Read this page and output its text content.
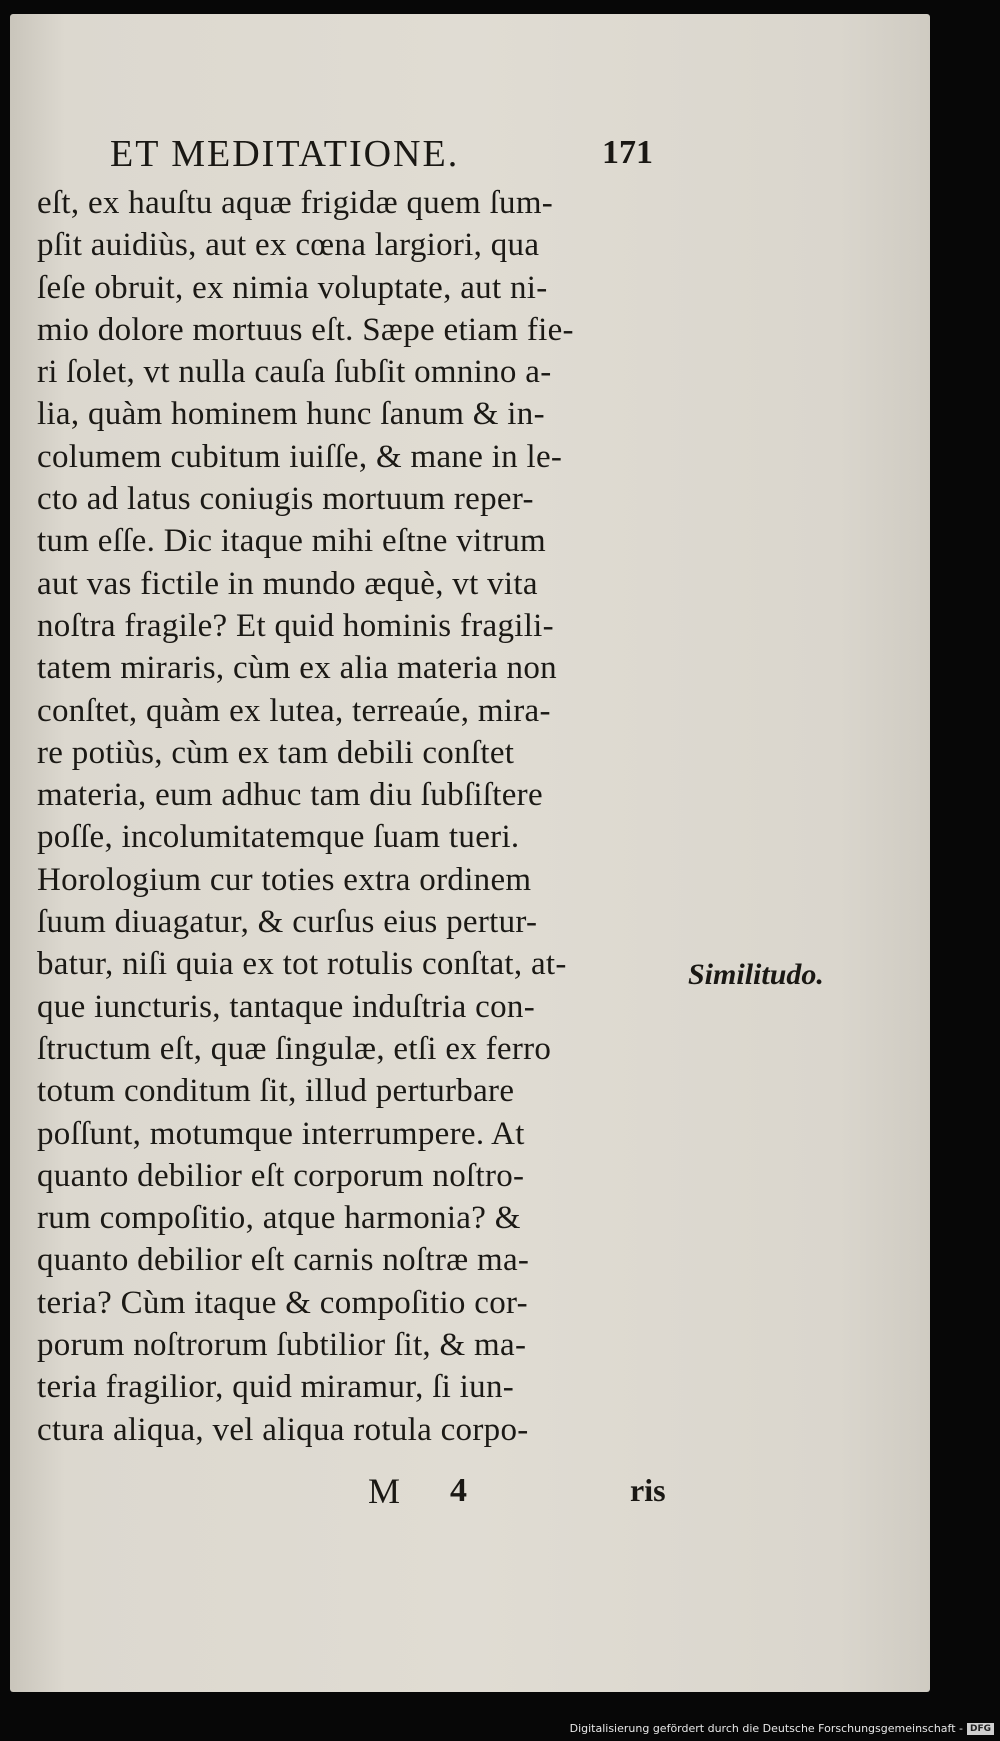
ET MEDITATIONE.	171
eſt, ex hauſtu aquæ frigidæ quem ſum-
pſit auidiùs, aut ex cœna largiori, qua
ſeſe obruit, ex nimia voluptate, aut ni-
mio dolore mortuus eſt. Sæpe etiam fie-
ri ſolet, vt nulla cauſa ſubſit omnino a-
lia, quàm hominem hunc ſanum & in-
columem cubitum iuiſſe, & mane in le-
cto ad latus coniugis mortuum reper-
tum eſſe. Dic itaque mihi eſtne vitrum
aut vas fictile in mundo æquè, vt vita
noſtra fragile? Et quid hominis fragili-
tatem miraris, cùm ex alia materia non
conſtet, quàm ex lutea, terreaúe, mira-
re potiùs, cùm ex tam debili conſtet
materia, eum adhuc tam diu ſubſiſtere
poſſe, incolumitatemque ſuam tueri.
Horologium cur toties extra ordinem
ſuum diuagatur, & curſus eius pertur-
batur, niſi quia ex tot rotulis conſtat, at-
que iuncturis, tantaque induſtria con-
ſtructum eſt, quæ ſingulæ, etſi ex ferro
totum conditum ſit, illud perturbare
poſſunt, motumque interrumpere. At
quanto debilior eſt corporum noſtro-
rum compoſitio, atque harmonia? &
quanto debilior eſt carnis noſtræ ma-
teria? Cùm itaque & compoſitio cor-
porum noſtrorum ſubtilior ſit, & ma-
teria fragilior, quid miramur, ſi iun-
ctura aliqua, vel aliqua rotula corpo-
Similitudo.
M 4	ris
Digitalisierung gefördert durch die Deutsche Forschungsgemeinschaft - DFG
